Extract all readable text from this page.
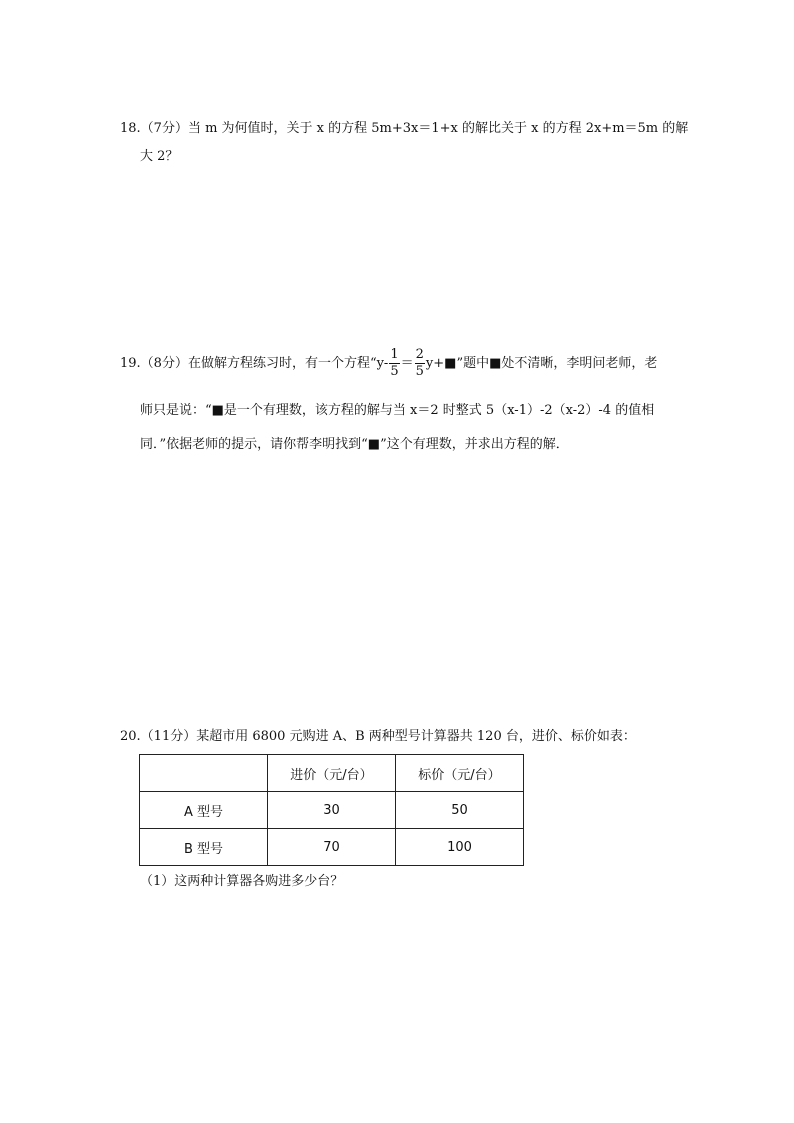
18.（7分）当 m 为何值时，关于 x 的方程 5m+3x＝1+x 的解比关于 x 的方程 2x+m＝5m 的解
大 2？
19.（8分）在做解方程练习时，有一个方程“$y- \frac{1}{5} = \frac{2}{5}$ y+■”题中■处不清晰，李明问老师，老
师只是说：“■是一个有理数，该方程的解与当 x＝2 时整式 5（x-1）-2（x-2）-4 的值相
同．”依据老师的提示，请你帮李明找到“■”这个有理数，并求出方程的解．
20.（11分）某超市用 6800 元购进 A、B 两种型号计算器共 120 台，进价、标价如表：
	进价（元/台）	标价（元/台）
A 型号	30	50
B 型号	70	100
（1）这两种计算器各购进多少台？
